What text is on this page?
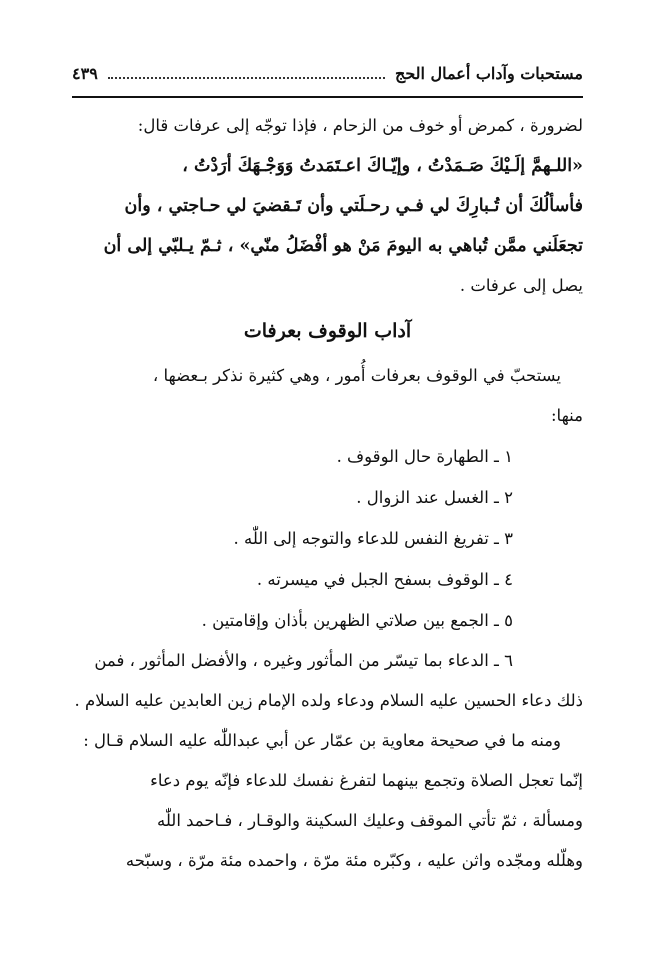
مستحبات وآداب أعمال الحج
٤٣٩
لضرورة ، كمرض أو خوف من الزحام ، فإذا توجّه إلى عرفات قال:
«اللـهمَّ إلَـيْكَ صَـمَدْتُ ، وإيّـاكَ اعـتَمَدتُ وَوَجْـهَكَ أرَدْتُ ،
فأسألُكَ أن تُـبارِكَ لي فـي رحـلَتي وأن تَـقضيَ لي حـاجتي ، وأن
تجعَلَني ممَّن تُباهي به اليومَ مَنْ هو أفْضَلُ منّي» ، ثـمّ يـلبّي إلى أن
يصل إلى عرفات .
آداب الوقوف بعرفات
يستحبّ في الوقوف بعرفات أُمور ، وهي كثيرة نذكر بـعضها ،
منها:
١ ـ الطهارة حال الوقوف .
٢ ـ الغسل عند الزوال .
٣ ـ تفريغ النفس للدعاء والتوجه إلى اللّٰه .
٤ ـ الوقوف بسفح الجبل في ميسرته .
٥ ـ الجمع بين صلاتي الظهرين بأذان وإقامتين .
٦ ـ الدعاء بما تيسّر من المأثور وغيره ، والأفضل المأثور ، فمن
ذلك دعاء الحسين عليه السلام ودعاء ولده الإمام زين العابدين عليه السلام .
ومنه ما في صحيحة معاوية بن عمّار عن أبي عبداللّٰه عليه السلام قـال :
إنّما تعجل الصلاة وتجمع بينهما لتفرغ نفسك للدعاء فإنّه يوم دعاء
ومسألة ، ثمّ تأتي الموقف وعليك السكينة والوقـار ، فـاحمد اللّٰه
وهلّله ومجّده واثن عليه ، وكبّره مئة مرّة ، واحمده مئة مرّة ، وسبّحه
